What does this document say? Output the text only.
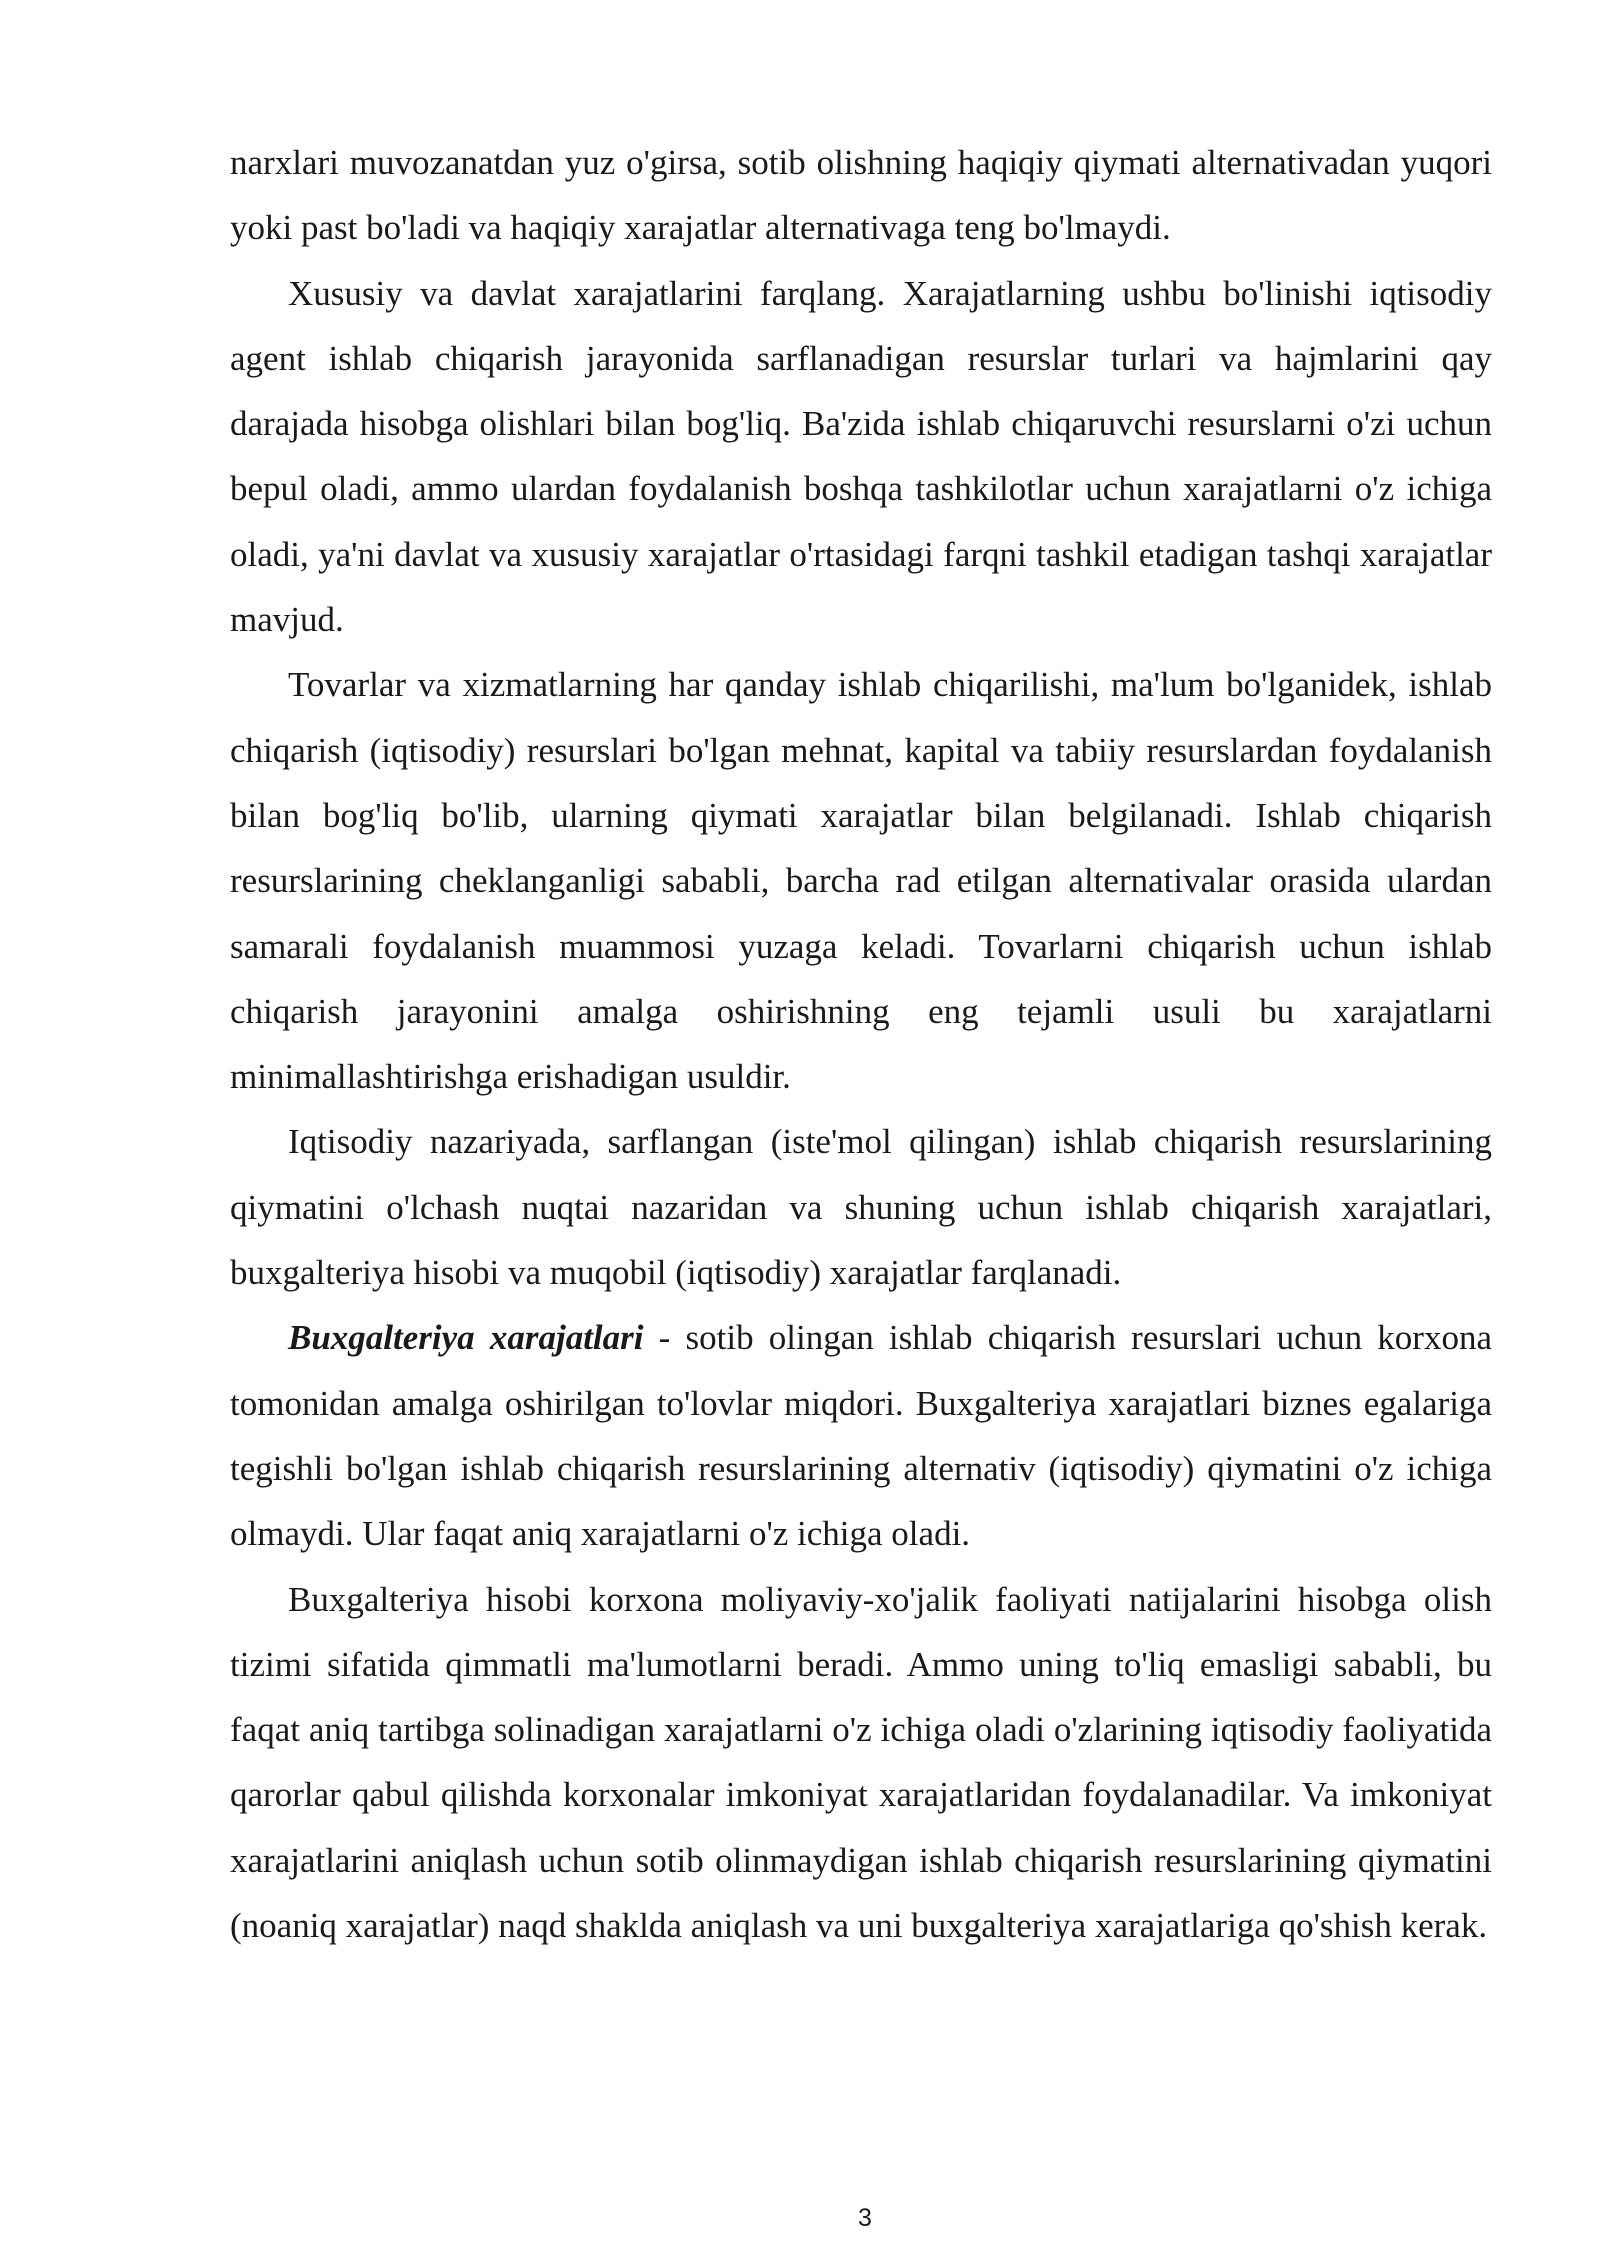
narxlari muvozanatdan yuz o'girsa, sotib olishning haqiqiy qiymati alternativadan yuqori yoki past bo'ladi va haqiqiy xarajatlar alternativaga teng bo'lmaydi.

Xususiy va davlat xarajatlarini farqlang. Xarajatlarning ushbu bo'linishi iqtisodiy agent ishlab chiqarish jarayonida sarflanadigan resurslar turlari va hajmlarini qay darajada hisobga olishlari bilan bog'liq. Ba'zida ishlab chiqaruvchi resurslarni o'zi uchun bepul oladi, ammo ulardan foydalanish boshqa tashkilotlar uchun xarajatlarni o'z ichiga oladi, ya'ni davlat va xususiy xarajatlar o'rtasidagi farqni tashkil etadigan tashqi xarajatlar mavjud.

Tovarlar va xizmatlarning har qanday ishlab chiqarilishi, ma'lum bo'lganidek, ishlab chiqarish (iqtisodiy) resurslari bo'lgan mehnat, kapital va tabiiy resurslardan foydalanish bilan bog'liq bo'lib, ularning qiymati xarajatlar bilan belgilanadi. Ishlab chiqarish resurslarining cheklanganligi sababli, barcha rad etilgan alternativalar orasida ulardan samarali foydalanish muammosi yuzaga keladi. Tovarlarni chiqarish uchun ishlab chiqarish jarayonini amalga oshirishning eng tejamli usuli bu xarajatlarni minimallashtirishga erishadigan usuldir.

Iqtisodiy nazariyada, sarflangan (iste'mol qilingan) ishlab chiqarish resurslarining qiymatini o'lchash nuqtai nazaridan va shuning uchun ishlab chiqarish xarajatlari, buxgalteriya hisobi va muqobil (iqtisodiy) xarajatlar farqlanadi.

Buxgalteriya xarajatlari - sotib olingan ishlab chiqarish resurslari uchun korxona tomonidan amalga oshirilgan to'lovlar miqdori. Buxgalteriya xarajatlari biznes egalariga tegishli bo'lgan ishlab chiqarish resurslarining alternativ (iqtisodiy) qiymatini o'z ichiga olmaydi. Ular faqat aniq xarajatlarni o'z ichiga oladi.

Buxgalteriya hisobi korxona moliyaviy-xo'jalik faoliyati natijalarini hisobga olish tizimi sifatida qimmatli ma'lumotlarni beradi. Ammo uning to'liq emasligi sababli, bu faqat aniq tartibga solinadigan xarajatlarni o'z ichiga oladi o'zlarining iqtisodiy faoliyatida qarorlar qabul qilishda korxonalar imkoniyat xarajatlaridan foydalanadilar. Va imkoniyat xarajatlarini aniqlash uchun sotib olinmaydigan ishlab chiqarish resurslarining qiymatini (noaniq xarajatlar) naqd shaklda aniqlash va uni buxgalteriya xarajatlariga qo'shish kerak.

3
